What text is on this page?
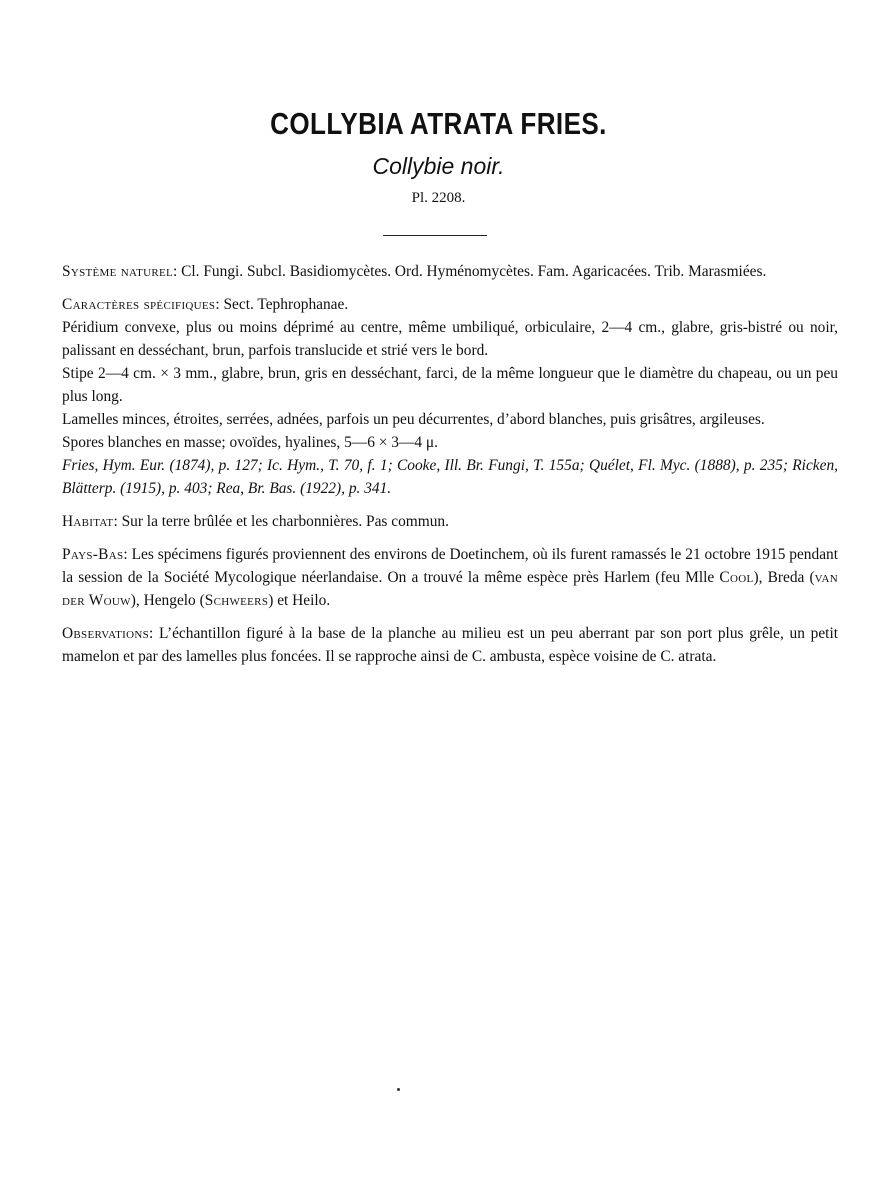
COLLYBIA ATRATA FRIES.
Collybie noir.
Pl. 2208.

Système naturel: Cl. Fungi. Subcl. Basidiomycètes. Ord. Hyménomycètes. Fam. Agaricacées. Trib. Marasmiées.

Caractères spécifiques: Sect. Tephrophanae.

Péridium convexe, plus ou moins déprimé au centre, même umbiliqué, orbiculaire, 2—4 cm., glabre, gris-bistré ou noir, palissant en desséchant, brun, parfois translucide et strié vers le bord.

Stipe 2—4 cm. × 3 mm., glabre, brun, gris en desséchant, farci, de la même longueur que le diamètre du chapeau, ou un peu plus long.

Lamelles minces, étroites, serrées, adnées, parfois un peu décurrentes, d’abord blanches, puis grisâtres, argileuses.

Spores blanches en masse; ovoïdes, hyalines, 5—6 × 3—4 μ.

Fries, Hym. Eur. (1874), p. 127; Ic. Hym., T. 70, f. 1; Cooke, Ill. Br. Fungi, T. 155a; Quélet, Fl. Myc. (1888), p. 235; Ricken, Blätterp. (1915), p. 403; Rea, Br. Bas. (1922), p. 341.

Habitat: Sur la terre brûlée et les charbonnières. Pas commun.

Pays-Bas: Les spécimens figurés proviennent des environs de Doetinchem, où ils furent ramassés le 21 octobre 1915 pendant la session de la Société Mycologique néerlandaise. On a trouvé la même espèce près Harlem (feu Mlle Cool), Breda (van der Wouw), Hengelo (Schweers) et Heilo.

Observations: L’échantillon figuré à la base de la planche au milieu est un peu aberrant par son port plus grêle, un petit mamelon et par des lamelles plus foncées. Il se rapproche ainsi de C. ambusta, espèce voisine de C. atrata.
